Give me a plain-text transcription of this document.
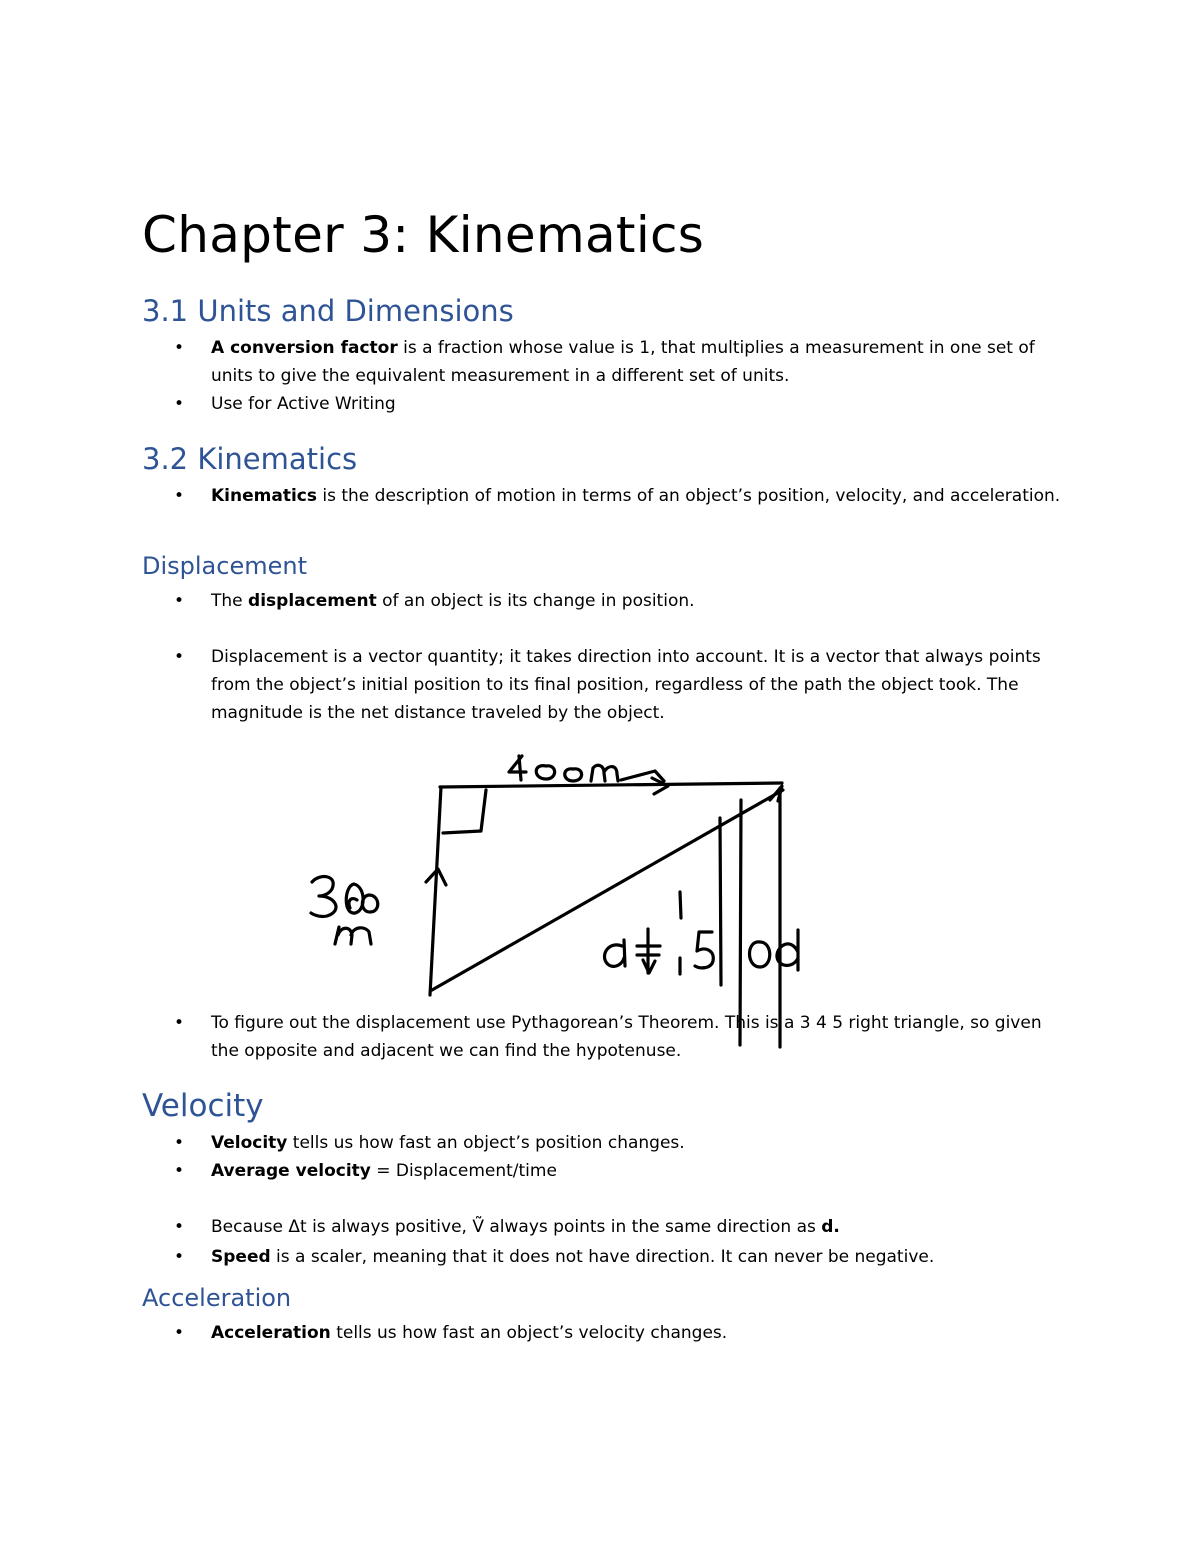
Chapter 3: Kinematics
3.1 Units and Dimensions
• A conversion factor is a fraction whose value is 1, that multiplies a measurement in one set of units to give the equivalent measurement in a different set of units.
• Use for Active Writing
3.2 Kinematics
• Kinematics is the description of motion in terms of an object’s position, velocity, and acceleration.
Displacement
• The displacement of an object is its change in position.
• Displacement is a vector quantity; it takes direction into account. It is a vector that always points from the object’s initial position to its final position, regardless of the path the object took. The magnitude is the net distance traveled by the object.
• To figure out the displacement use Pythagorean’s Theorem. This is a 3 4 5 right triangle, so given the opposite and adjacent we can find the hypotenuse.
Velocity
• Velocity tells us how fast an object’s position changes.
• Average velocity = Displacement/time
• Because Δt is always positive, Ṽ always points in the same direction as d.
• Speed is a scaler, meaning that it does not have direction. It can never be negative.
Acceleration
• Acceleration tells us how fast an object’s velocity changes.
